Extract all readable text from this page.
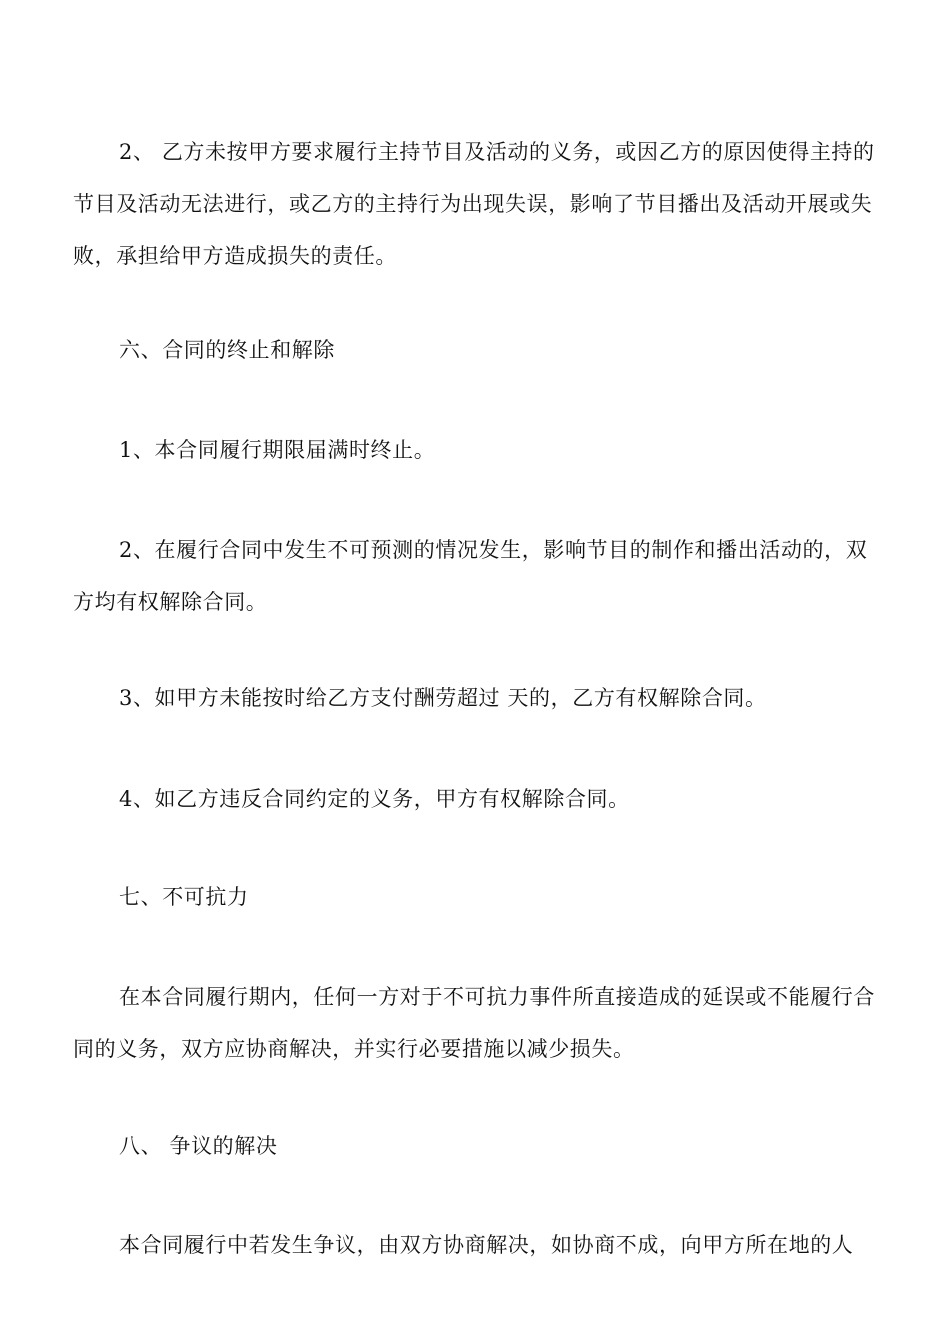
2、 乙方未按甲方要求履行主持节目及活动的义务，或因乙方的原因使得主持的节目及活动无法进行，或乙方的主持行为出现失误，影响了节目播出及活动开展或失败，承担给甲方造成损失的责任。

六、合同的终止和解除

1、本合同履行期限届满时终止。

2、在履行合同中发生不可预测的情况发生，影响节目的制作和播出活动的，双方均有权解除合同。

3、如甲方未能按时给乙方支付酬劳超过 天的，乙方有权解除合同。

4、如乙方违反合同约定的义务，甲方有权解除合同。

七、不可抗力

在本合同履行期内，任何一方对于不可抗力事件所直接造成的延误或不能履行合同的义务，双方应协商解决，并实行必要措施以减少损失。

八、 争议的解决

本合同履行中若发生争议，由双方协商解决，如协商不成，向甲方所在地的人
